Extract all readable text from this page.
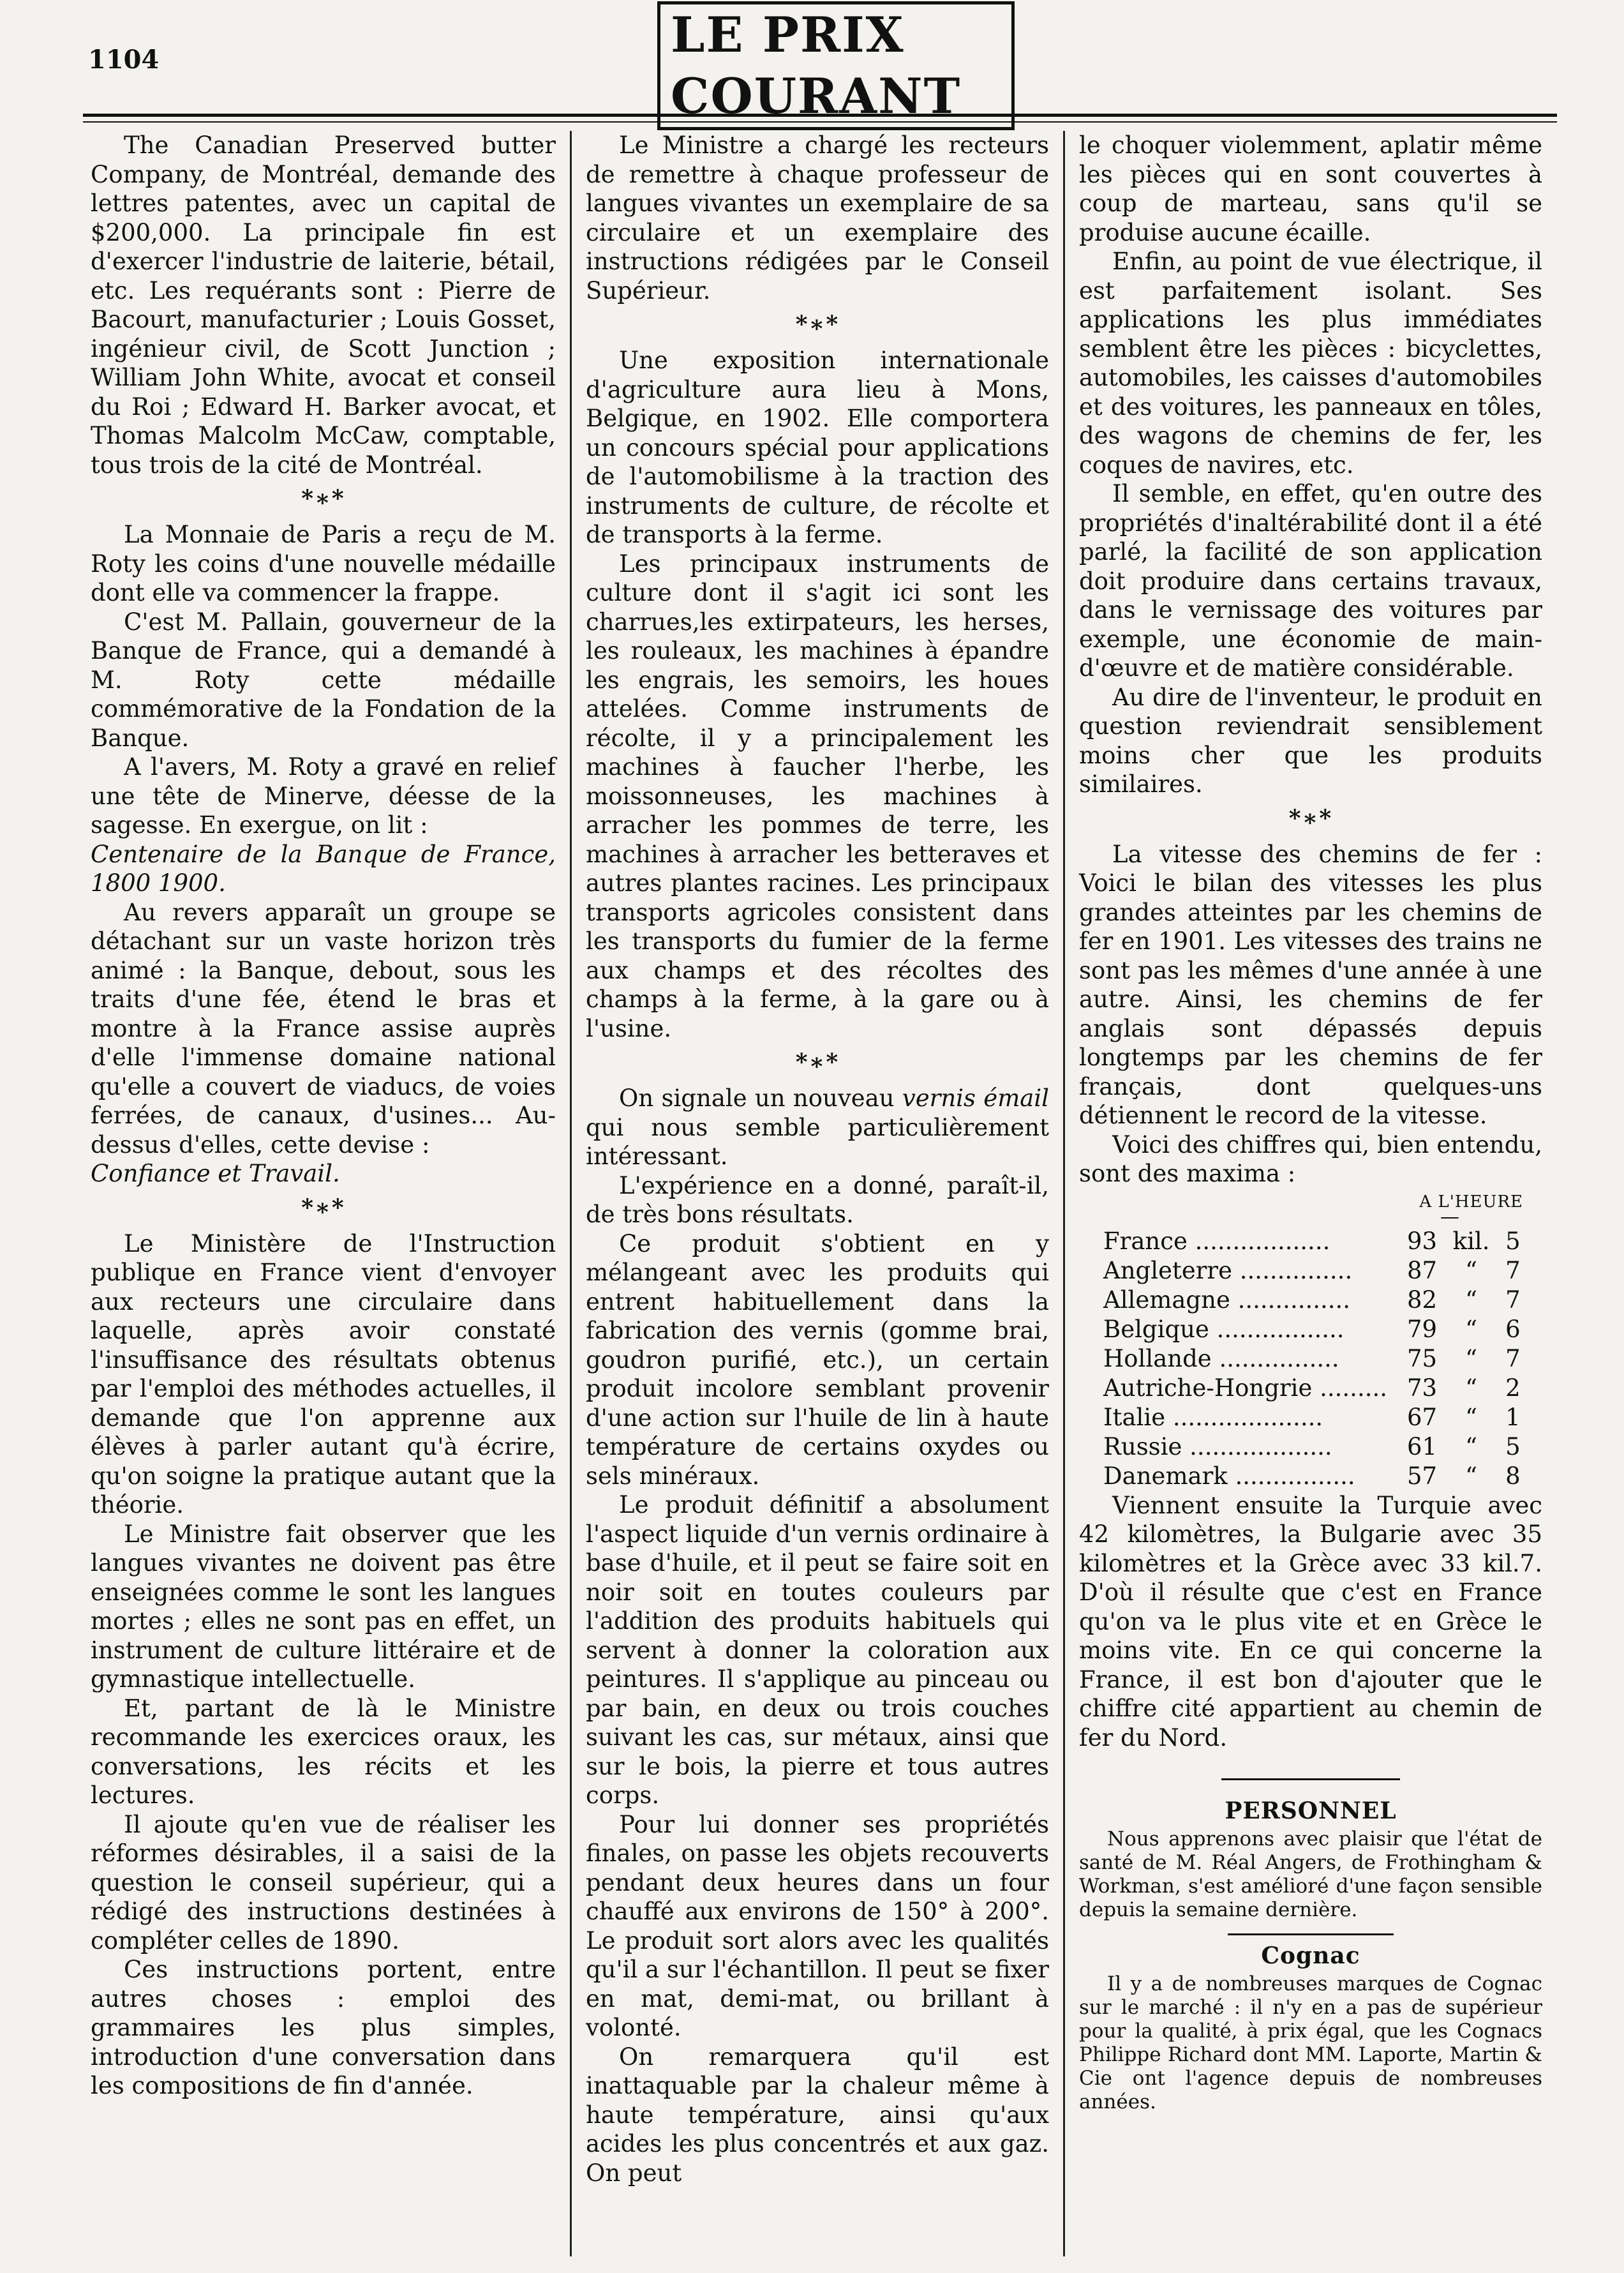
1104	LE PRIX COURANT

The Canadian Preserved butter Company, de Montréal, demande des lettres patentes, avec un capital de $200,000. La principale fin est d'exercer l'industrie de laiterie, bétail, etc. Les requérants sont : Pierre de Bacourt, manufacturier ; Louis Gosset, ingénieur civil, de Scott Junction ; William John White, avocat et conseil du Roi ; Edward H. Barker avocat, et Thomas Malcolm McCaw, comptable, tous trois de la cité de Montréal.

*∗*

La Monnaie de Paris a reçu de M. Roty les coins d'une nouvelle médaille dont elle va commencer la frappe.

C'est M. Pallain, gouverneur de la Banque de France, qui a demandé à M. Roty cette médaille commémorative de la Fondation de la Banque.

A l'avers, M. Roty a gravé en relief une tête de Minerve, déesse de la sagesse. En exergue, on lit :

Centenaire de la Banque de France, 1800 1900.

Au revers apparaît un groupe se détachant sur un vaste horizon très animé : la Banque, debout, sous les traits d'une fée, étend le bras et montre à la France assise auprès d'elle l'immense domaine national qu'elle a couvert de viaducs, de voies ferrées, de canaux, d'usines... Au-dessus d'elles, cette devise :

Confiance et Travail.

*∗*

Le Ministère de l'Instruction publique en France vient d'envoyer aux recteurs une circulaire dans laquelle, après avoir constaté l'insuffisance des résultats obtenus par l'emploi des méthodes actuelles, il demande que l'on apprenne aux élèves à parler autant qu'à écrire, qu'on soigne la pratique autant que la théorie.

Le Ministre fait observer que les langues vivantes ne doivent pas être enseignées comme le sont les langues mortes ; elles ne sont pas en effet, un instrument de culture littéraire et de gymnastique intellectuelle.

Et, partant de là le Ministre recommande les exercices oraux, les conversations, les récits et les lectures.

Il ajoute qu'en vue de réaliser les réformes désirables, il a saisi de la question le conseil supérieur, qui a rédigé des instructions destinées à compléter celles de 1890.

Ces instructions portent, entre autres choses : emploi des grammaires les plus simples, introduction d'une conversation dans les compositions de fin d'année.

Le Ministre a chargé les recteurs de remettre à chaque professeur de langues vivantes un exemplaire de sa circulaire et un exemplaire des instructions rédigées par le Conseil Supérieur.

*∗*

Une exposition internationale d'agriculture aura lieu à Mons, Belgique, en 1902. Elle comportera un concours spécial pour applications de l'automobilisme à la traction des instruments de culture, de récolte et de transports à la ferme.

Les principaux instruments de culture dont il s'agit ici sont les charrues,les extirpateurs, les herses, les rouleaux, les machines à épandre les engrais, les semoirs, les houes attelées. Comme instruments de récolte, il y a principalement les machines à faucher l'herbe, les moissonneuses, les machines à arracher les pommes de terre, les machines à arracher les betteraves et autres plantes racines. Les principaux transports agricoles consistent dans les transports du fumier de la ferme aux champs et des récoltes des champs à la ferme, à la gare ou à l'usine.

*∗*

On signale un nouveau vernis émail qui nous semble particulièrement intéressant.

L'expérience en a donné, paraît-il, de très bons résultats.

Ce produit s'obtient en y mélangeant avec les produits qui entrent habituellement dans la fabrication des vernis (gomme brai, goudron purifié, etc.), un certain produit incolore semblant provenir d'une action sur l'huile de lin à haute température de certains oxydes ou sels minéraux.

Le produit définitif a absolument l'aspect liquide d'un vernis ordinaire à base d'huile, et il peut se faire soit en noir soit en toutes couleurs par l'addition des produits habituels qui servent à donner la coloration aux peintures. Il s'applique au pinceau ou par bain, en deux ou trois couches suivant les cas, sur métaux, ainsi que sur le bois, la pierre et tous autres corps.

Pour lui donner ses propriétés finales, on passe les objets recouverts pendant deux heures dans un four chauffé aux environs de 150° à 200°. Le produit sort alors avec les qualités qu'il a sur l'échantillon. Il peut se fixer en mat, demi-mat, ou brillant à volonté.

On remarquera qu'il est inattaquable par la chaleur même à haute température, ainsi qu'aux acides les plus concentrés et aux gaz. On peut

le choquer violemment, aplatir même les pièces qui en sont couvertes à coup de marteau, sans qu'il se produise aucune écaille.

Enfin, au point de vue électrique, il est parfaitement isolant. Ses applications les plus immédiates semblent être les pièces : bicyclettes, automobiles, les caisses d'automobiles et des voitures, les panneaux en tôles, des wagons de chemins de fer, les coques de navires, etc.

Il semble, en effet, qu'en outre des propriétés d'inaltérabilité dont il a été parlé, la facilité de son application doit produire dans certains travaux, dans le vernissage des voitures par exemple, une économie de main-d'œuvre et de matière considérable.

Au dire de l'inventeur, le produit en question reviendrait sensiblement moins cher que les produits similaires.

*∗*

La vitesse des chemins de fer : Voici le bilan des vitesses les plus grandes atteintes par les chemins de fer en 1901. Les vitesses des trains ne sont pas les mêmes d'une année à une autre. Ainsi, les chemins de fer anglais sont dépassés depuis longtemps par les chemins de fer français, dont quelques-uns détiennent le record de la vitesse.

Voici des chiffres qui, bien entendu, sont des maxima :

A L'HEURE
—
France ..................	93	kil.	5
Angleterre ...............	87	“	7
Allemagne ...............	82	“	7
Belgique .................	79	“	6
Hollande ................	75	“	7
Autriche-Hongrie .........	73	“	2
Italie ....................	67	“	1
Russie ...................	61	“	5
Danemark ................	57	“	8

Viennent ensuite la Turquie avec 42 kilomètres, la Bulgarie avec 35 kilomètres et la Grèce avec 33 kil.7. D'où il résulte que c'est en France qu'on va le plus vite et en Grèce le moins vite. En ce qui concerne la France, il est bon d'ajouter que le chiffre cité appartient au chemin de fer du Nord.

PERSONNEL

Nous apprenons avec plaisir que l'état de santé de M. Réal Angers, de Frothingham & Workman, s'est amélioré d'une façon sensible depuis la semaine dernière.

Cognac

Il y a de nombreuses marques de Cognac sur le marché : il n'y en a pas de supérieur pour la qualité, à prix égal, que les Cognacs Philippe Richard dont MM. Laporte, Martin & Cie ont l'agence depuis de nombreuses années.
